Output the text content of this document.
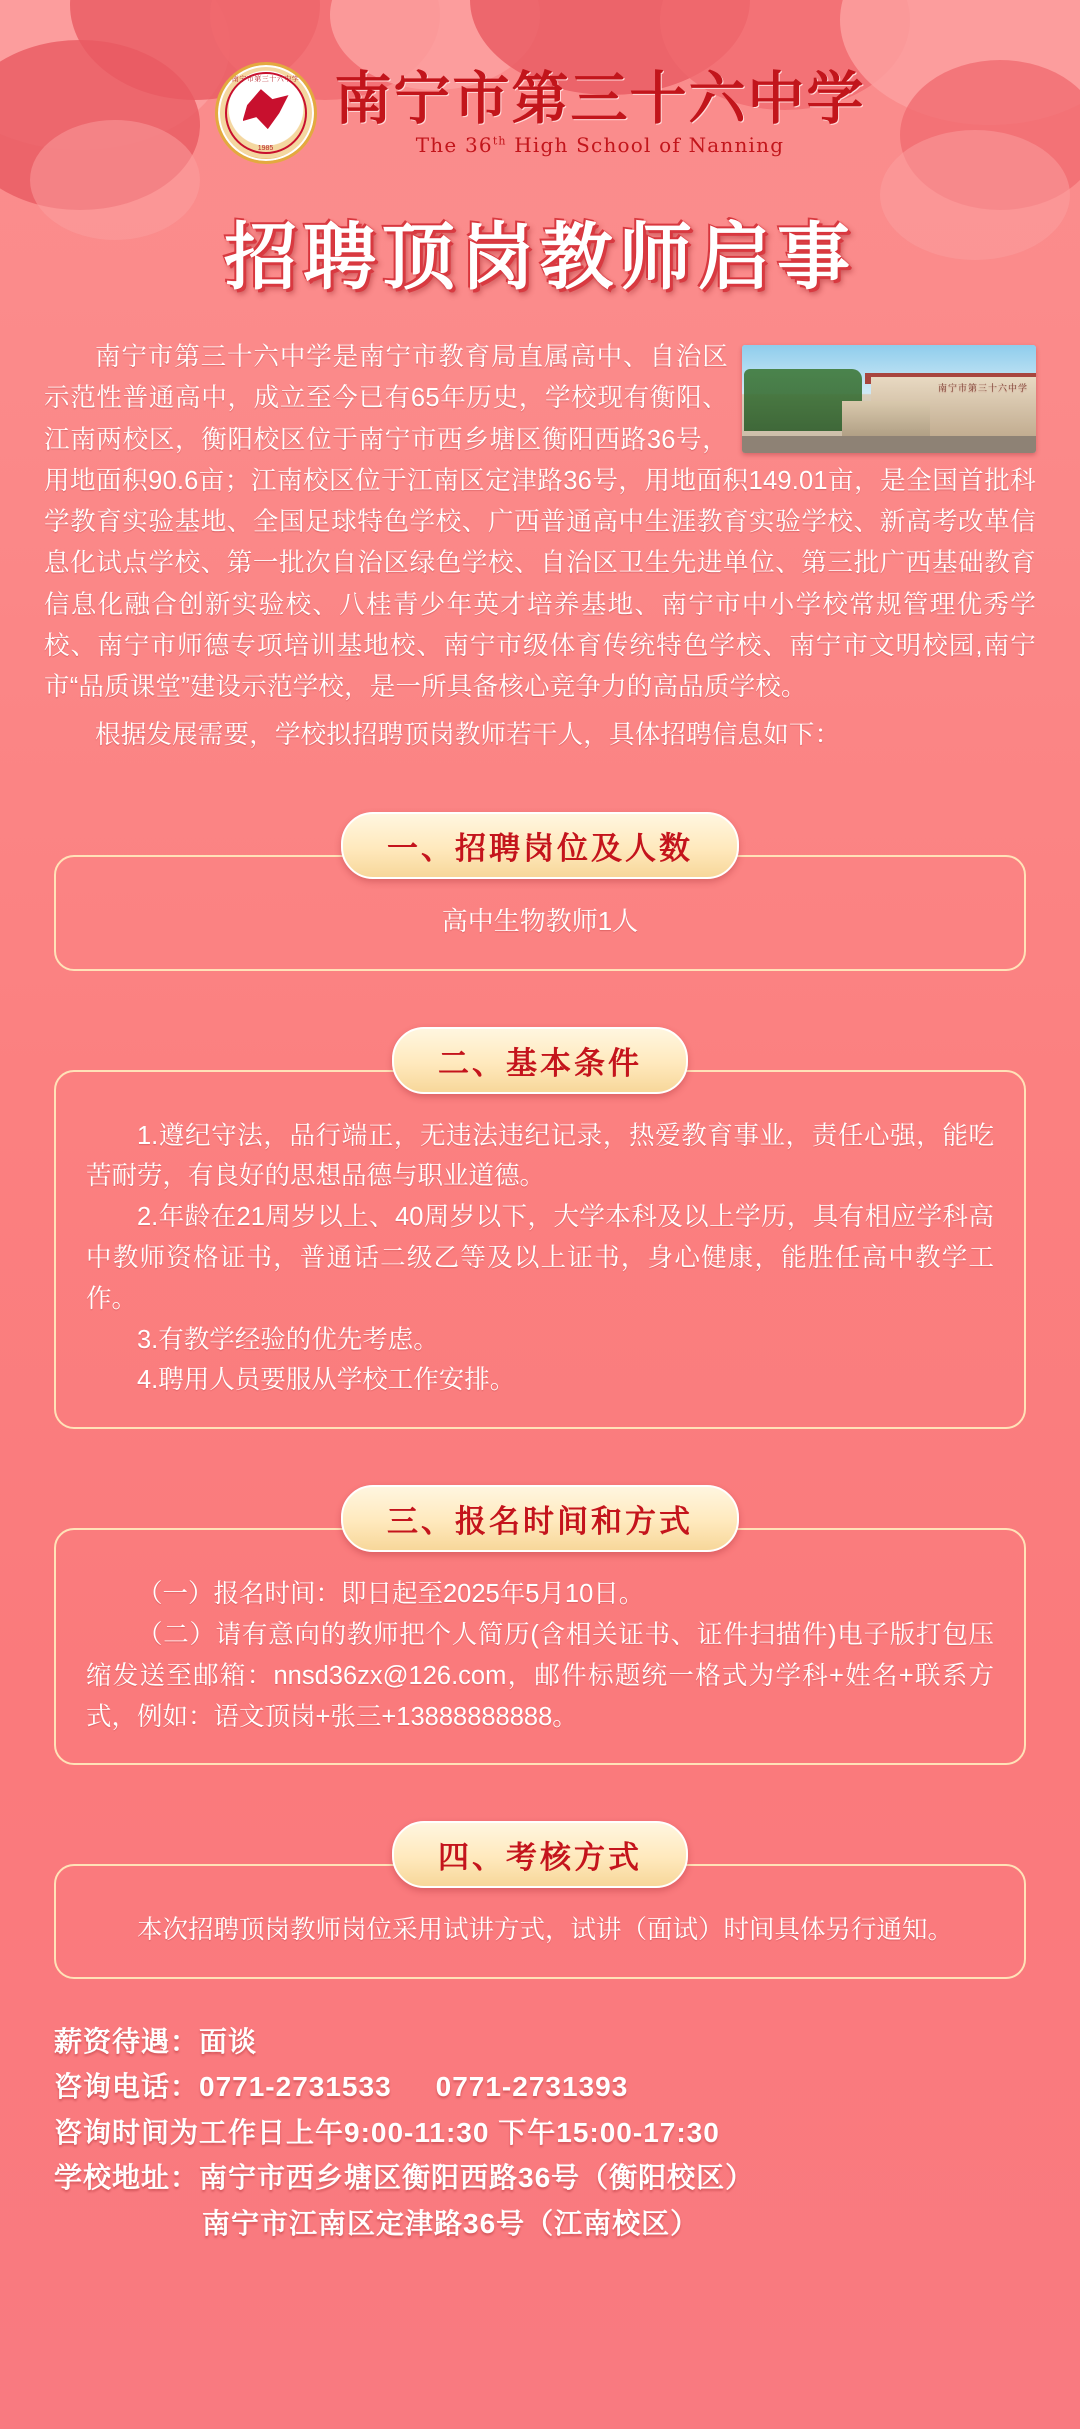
南宁市第三十六中学
1985
南宁市第三十六中学
The 36th High School of Nanning
招聘顶岗教师启事
南宁市第三十六中学

南宁市第三十六中学是南宁市教育局直属高中、自治区示范性普通高中，成立至今已有65年历史，学校现有衡阳、江南两校区，衡阳校区位于南宁市西乡塘区衡阳西路36号，用地面积90.6亩；江南校区位于江南区定津路36号，用地面积149.01亩，是全国首批科学教育实验基地、全国足球特色学校、广西普通高中生涯教育实验学校、新高考改革信息化试点学校、第一批次自治区绿色学校、自治区卫生先进单位、第三批广西基础教育信息化融合创新实验校、八桂青少年英才培养基地、南宁市中小学校常规管理优秀学校、南宁市师德专项培训基地校、南宁市级体育传统特色学校、南宁市文明校园,南宁市“品质课堂”建设示范学校，是一所具备核心竞争力的高品质学校。

根据发展需要，学校拟招聘顶岗教师若干人，具体招聘信息如下：

一、招聘岗位及人数

高中生物教师1人

二、基本条件

1.遵纪守法，品行端正，无违法违纪记录，热爱教育事业，责任心强，能吃苦耐劳，有良好的思想品德与职业道德。

2.年龄在21周岁以上、40周岁以下，大学本科及以上学历，具有相应学科高中教师资格证书，普通话二级乙等及以上证书，身心健康，能胜任高中教学工作。

3.有教学经验的优先考虑。

4.聘用人员要服从学校工作安排。

三、报名时间和方式

（一）报名时间：即日起至2025年5月10日。

（二）请有意向的教师把个人简历(含相关证书、证件扫描件)电子版打包压缩发送至邮箱：nnsd36zx@126.com，邮件标题统一格式为学科+姓名+联系方式，例如：语文顶岗+张三+13888888888。

四、考核方式

本次招聘顶岗教师岗位采用试讲方式，试讲（面试）时间具体另行通知。

薪资待遇：面谈
咨询电话：0771-2731533 0771-2731393
咨询时间为工作日上午9:00-11:30 下午15:00-17:30
学校地址：南宁市西乡塘区衡阳西路36号（衡阳校区）
南宁市江南区定津路36号（江南校区）
